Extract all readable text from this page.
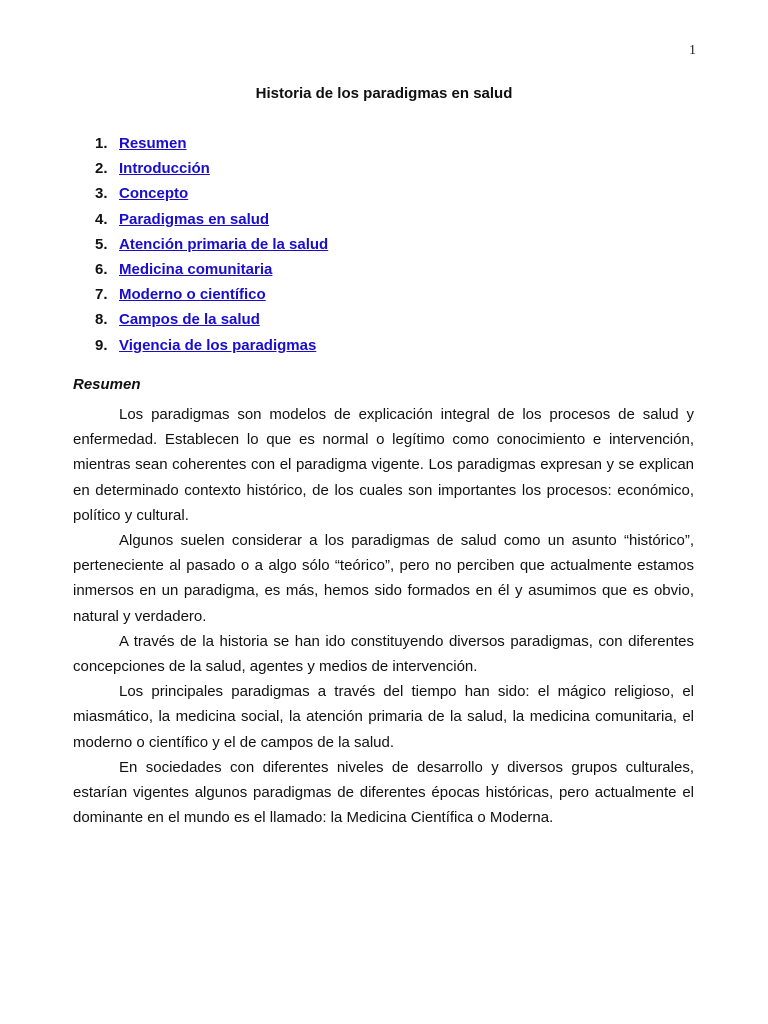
1
Historia de los paradigmas en salud
1. Resumen
2. Introducción
3. Concepto
4. Paradigmas en salud
5. Atención primaria de la salud
6. Medicina comunitaria
7. Moderno o científico
8. Campos de la salud
9. Vigencia de los paradigmas
Resumen

Los paradigmas son modelos de explicación integral de los procesos de salud y enfermedad. Establecen lo que es normal o legítimo como conocimiento e intervención, mientras sean coherentes con el paradigma vigente. Los paradigmas expresan y se explican en determinado contexto histórico, de los cuales son importantes los procesos: económico, político y cultural.

Algunos suelen considerar a los paradigmas de salud como un asunto “histórico”, perteneciente al pasado o a algo sólo “teórico”, pero no perciben que actualmente estamos inmersos en un paradigma, es más, hemos sido formados en él y asumimos que es obvio, natural y verdadero.

A través de la historia se han ido constituyendo diversos paradigmas, con diferentes concepciones de la salud, agentes y medios de intervención.

Los principales paradigmas a través del tiempo han sido: el mágico religioso, el miasmático, la medicina social, la atención primaria de la salud, la medicina comunitaria, el moderno o científico y el de campos de la salud.

En sociedades con diferentes niveles de desarrollo y diversos grupos culturales, estarían vigentes algunos paradigmas de diferentes épocas históricas, pero actualmente el dominante en el mundo es el llamado: la Medicina Científica o Moderna.
